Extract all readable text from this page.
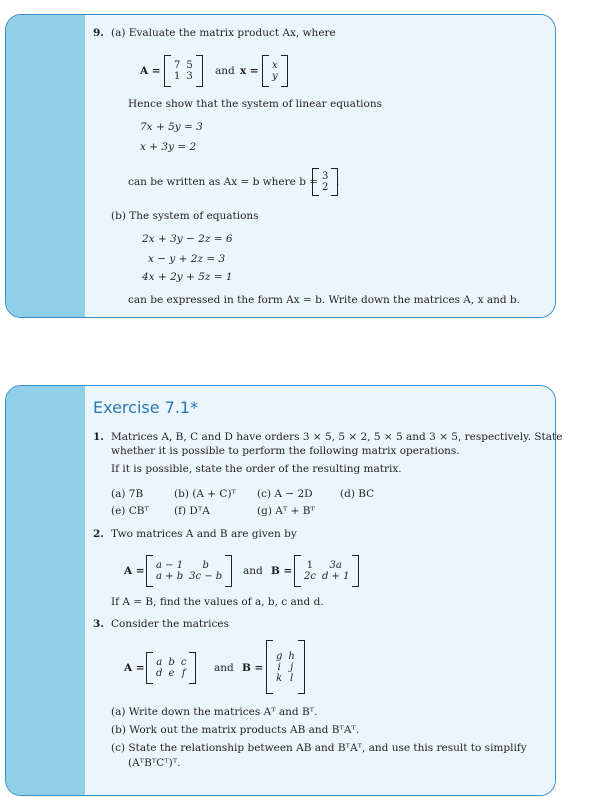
9. (a) Evaluate the matrix product Ax, where
A = 7	5
1	3 and x = x
y
Hence show that the system of linear equations
7x + 5y = 3
x + 3y = 2
can be written as Ax = b where b = 3
2 .
(b) The system of equations
2x + 3y − 2z = 6
x − y + 2z = 3
4x + 2y + 5z = 1
can be expressed in the form Ax = b. Write down the matrices A, x and b.
Exercise 7.1*
1. Matrices A, B, C and D have orders 3 × 5, 5 × 2, 5 × 5 and 3 × 5, respectively. State
whether it is possible to perform the following matrix operations.
If it is possible, state the order of the resulting matrix.
(a) 7B	(b) (A + C)ᵀ (c) A − 2D	(d) BC
(e) CBᵀ (f) DᵀA	(g) Aᵀ + Bᵀ
2. Two matrices A and B are given by
A = a − 1	b
a + b	3c − b and B = 1	3a
2c	d + 1
If A = B, find the values of a, b, c and d.
3. Consider the matrices
A = a	b	c
d	e	f	and B =
g	h
i	j
k	l
(a) Write down the matrices Aᵀ and Bᵀ.
(b) Work out the matrix products AB and BᵀAᵀ.
(c) State the relationship between AB and BᵀAᵀ, and use this result to simplify
(AᵀBᵀCᵀ)ᵀ.
